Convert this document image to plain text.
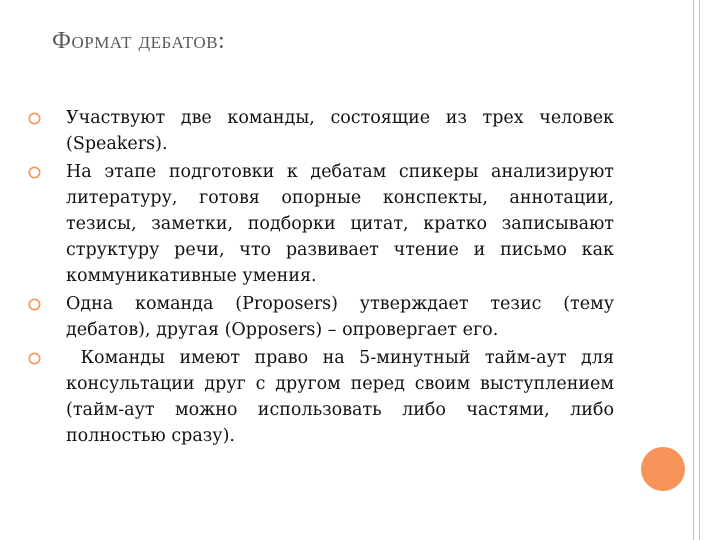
Формат дебатов:
Участвуют две команды, состоящие из трех человек (Speakers).
На этапе подготовки к дебатам спикеры анализируют литературу, готовя опорные конспекты, аннотации, тезисы, заметки, подборки цитат, кратко записывают структуру речи, что развивает чтение и письмо как коммуникативные умения.
Одна команда (Proposers) утверждает тезис (тему дебатов), другая (Opposers) – опровергает его.
Команды имеют право на 5-минутный тайм-аут для консультации друг с другом перед своим выступлением (тайм-аут можно использовать либо частями, либо полностью сразу).
